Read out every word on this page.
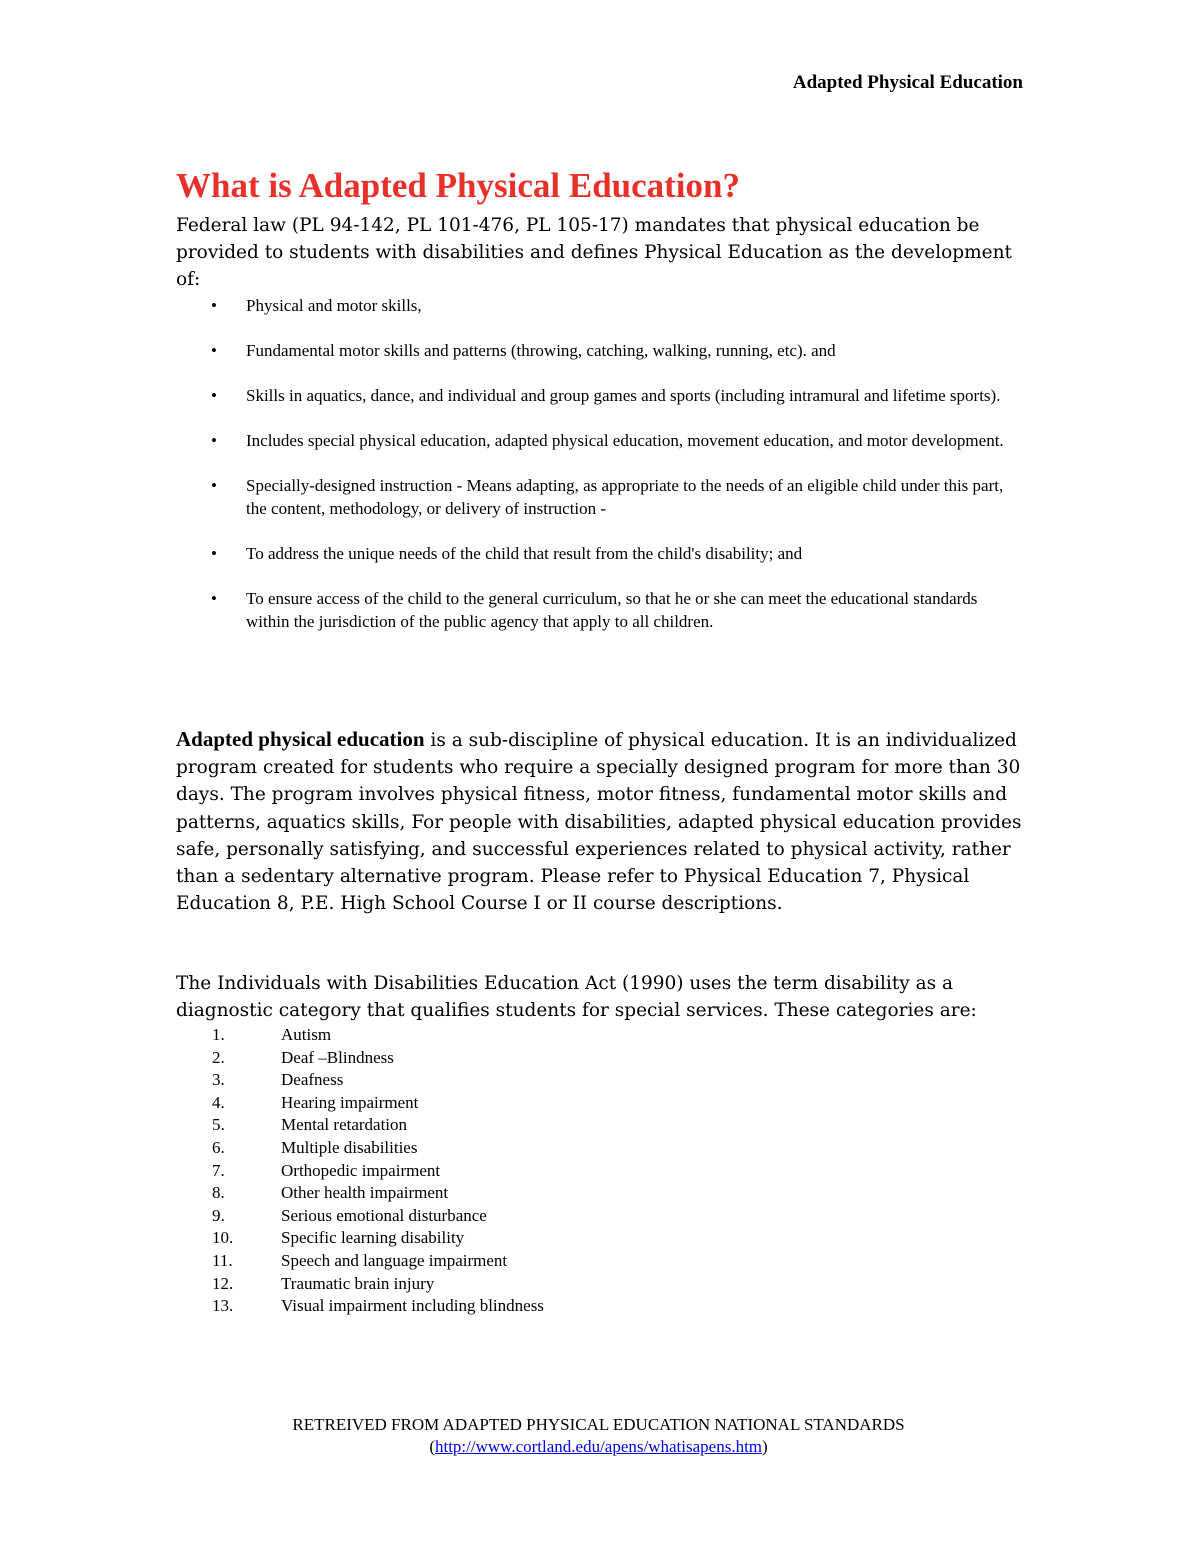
Adapted Physical Education
What is Adapted Physical Education?

Federal law (PL 94-142, PL 101-476, PL 105-17) mandates that physical education be provided to students with disabilities and defines Physical Education as the development of:

• Physical and motor skills,
• Fundamental motor skills and patterns (throwing, catching, walking, running, etc). and
• Skills in aquatics, dance, and individual and group games and sports (including intramural and lifetime sports).
• Includes special physical education, adapted physical education, movement education, and motor development.
• Specially-designed instruction - Means adapting, as appropriate to the needs of an eligible child under this part, the content, methodology, or delivery of instruction -
• To address the unique needs of the child that result from the child's disability; and
• To ensure access of the child to the general curriculum, so that he or she can meet the educational standards within the jurisdiction of the public agency that apply to all children.

Adapted physical education is a sub-discipline of physical education. It is an individualized program created for students who require a specially designed program for more than 30 days. The program involves physical fitness, motor fitness, fundamental motor skills and patterns, aquatics skills, For people with disabilities, adapted physical education provides safe, personally satisfying, and successful experiences related to physical activity, rather than a sedentary alternative program. Please refer to Physical Education 7, Physical Education 8, P.E. High School Course I or II course descriptions.

The Individuals with Disabilities Education Act (1990) uses the term disability as a diagnostic category that qualifies students for special services. These categories are:

1.	Autism
2.	Deaf –Blindness
3.	Deafness
4.	Hearing impairment
5.	Mental retardation
6.	Multiple disabilities
7.	Orthopedic impairment
8.	Other health impairment
9.	Serious emotional disturbance
10.	Specific learning disability
11.	Speech and language impairment
12.	Traumatic brain injury
13.	Visual impairment including blindness
RETREIVED FROM ADAPTED PHYSICAL EDUCATION NATIONAL STANDARDS
(http://www.cortland.edu/apens/whatisapens.htm)
